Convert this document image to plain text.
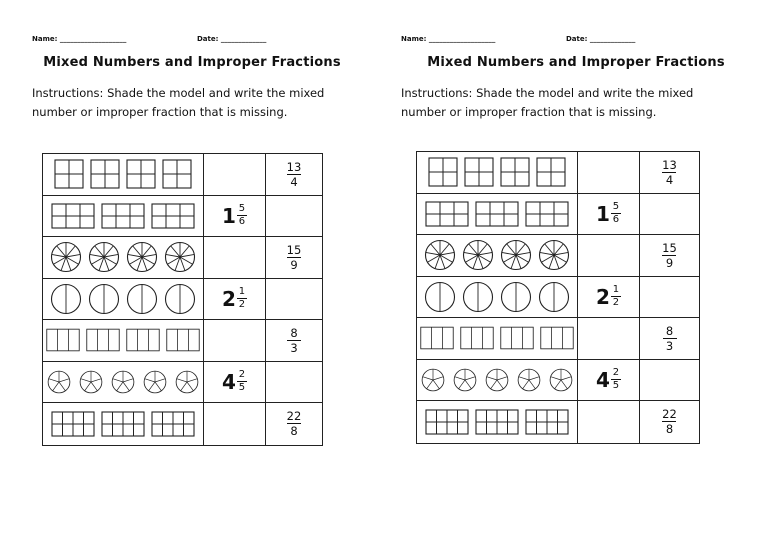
Name: ___________________	Date: _____________
Mixed Numbers and Improper Fractions
Instructions: Shade the model and write the mixed number or improper fraction that is missing.
$\frac{13}{4}$
$1 \frac{5}{6}$
$\frac{15}{9}$
$2 \frac{1}{2}$
$\frac{8}{3}$
$4 \frac{2}{5}$
$\frac{22}{8}$
Name: ___________________	Date: _____________
Mixed Numbers and Improper Fractions
Instructions: Shade the model and write the mixed number or improper fraction that is missing.
$\frac{13}{4}$
$1 \frac{5}{6}$
$\frac{15}{9}$
$2 \frac{1}{2}$
$\frac{8}{3}$
$4 \frac{2}{5}$
$\frac{22}{8}$
